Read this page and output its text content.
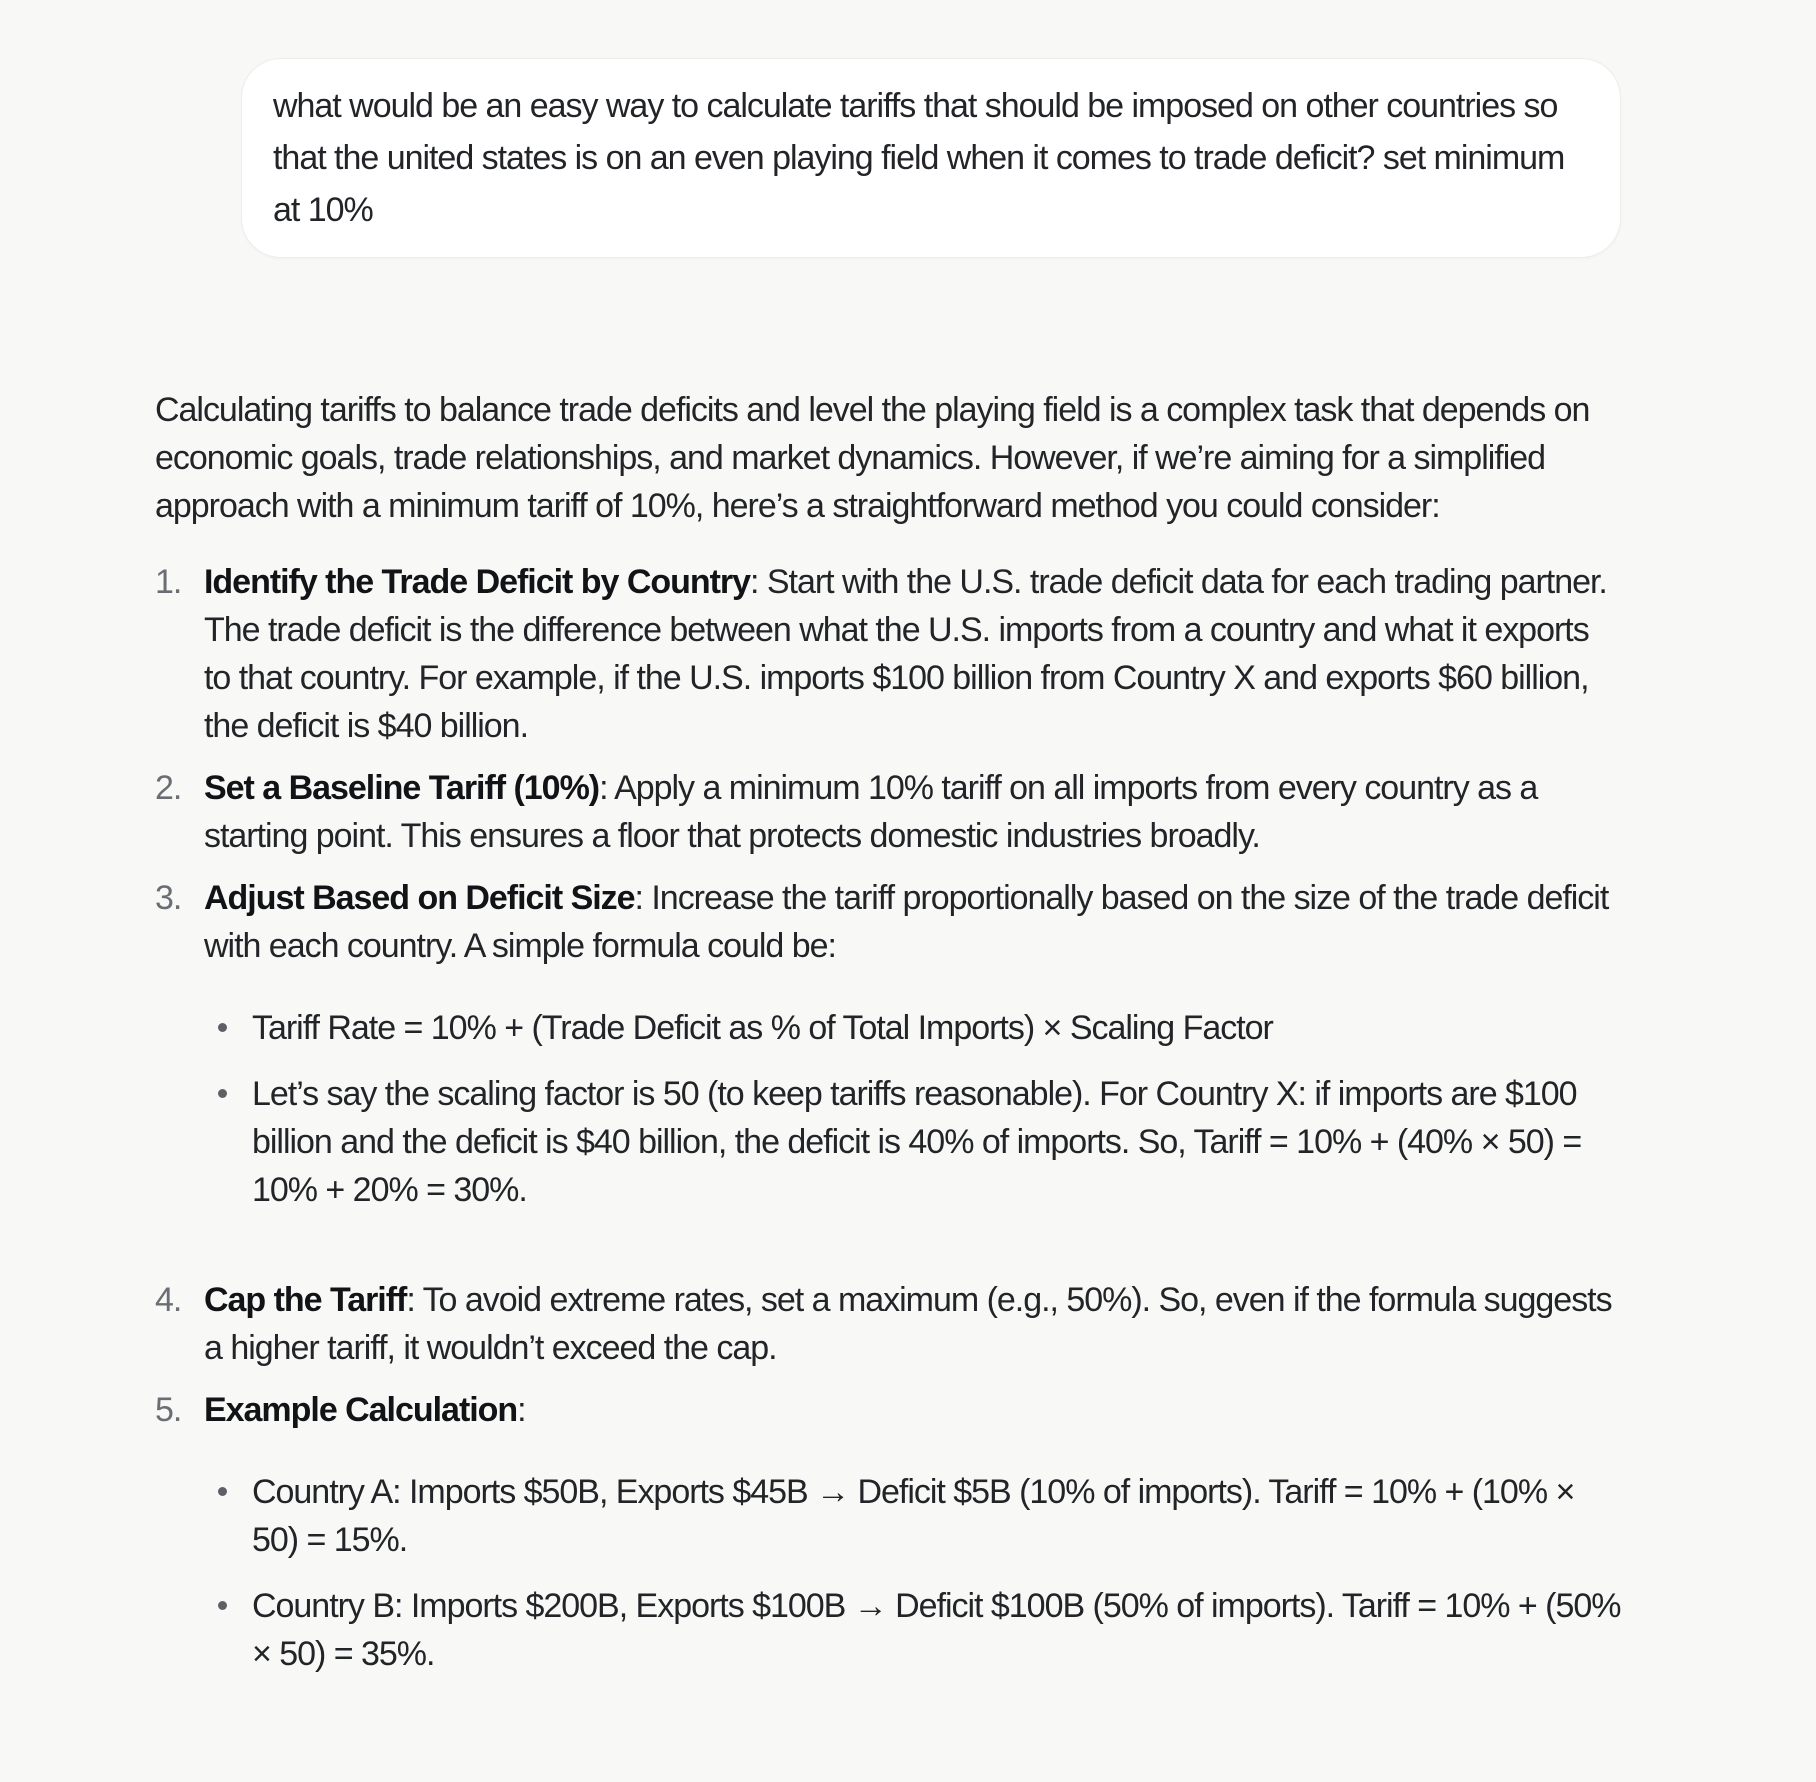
what would be an easy way to calculate tariffs that should be imposed on other countries so that the united states is on an even playing field when it comes to trade deficit? set minimum at 10%

Calculating tariffs to balance trade deficits and level the playing field is a complex task that depends on economic goals, trade relationships, and market dynamics. However, if we’re aiming for a simplified approach with a minimum tariff of 10%, here’s a straightforward method you could consider:

1. Identify the Trade Deficit by Country: Start with the U.S. trade deficit data for each trading partner. The trade deficit is the difference between what the U.S. imports from a country and what it exports to that country. For example, if the U.S. imports $100 billion from Country X and exports $60 billion, the deficit is $40 billion.

2. Set a Baseline Tariff (10%): Apply a minimum 10% tariff on all imports from every country as a starting point. This ensures a floor that protects domestic industries broadly.

3. Adjust Based on Deficit Size: Increase the tariff proportionally based on the size of the trade deficit with each country. A simple formula could be:

Tariff Rate = 10% + (Trade Deficit as % of Total Imports) × Scaling Factor
Let’s say the scaling factor is 50 (to keep tariffs reasonable). For Country X: if imports are $100 billion and the deficit is $40 billion, the deficit is 40% of imports. So, Tariff = 10% + (40% × 50) = 10% + 20% = 30%.
4. Cap the Tariff: To avoid extreme rates, set a maximum (e.g., 50%). So, even if the formula suggests a higher tariff, it wouldn’t exceed the cap.

5. Example Calculation:

Country A: Imports $50B, Exports $45B → Deficit $5B (10% of imports). Tariff = 10% + (10% × 50) = 15%.
Country B: Imports $200B, Exports $100B → Deficit $100B (50% of imports). Tariff = 10% + (50% × 50) = 35%.
